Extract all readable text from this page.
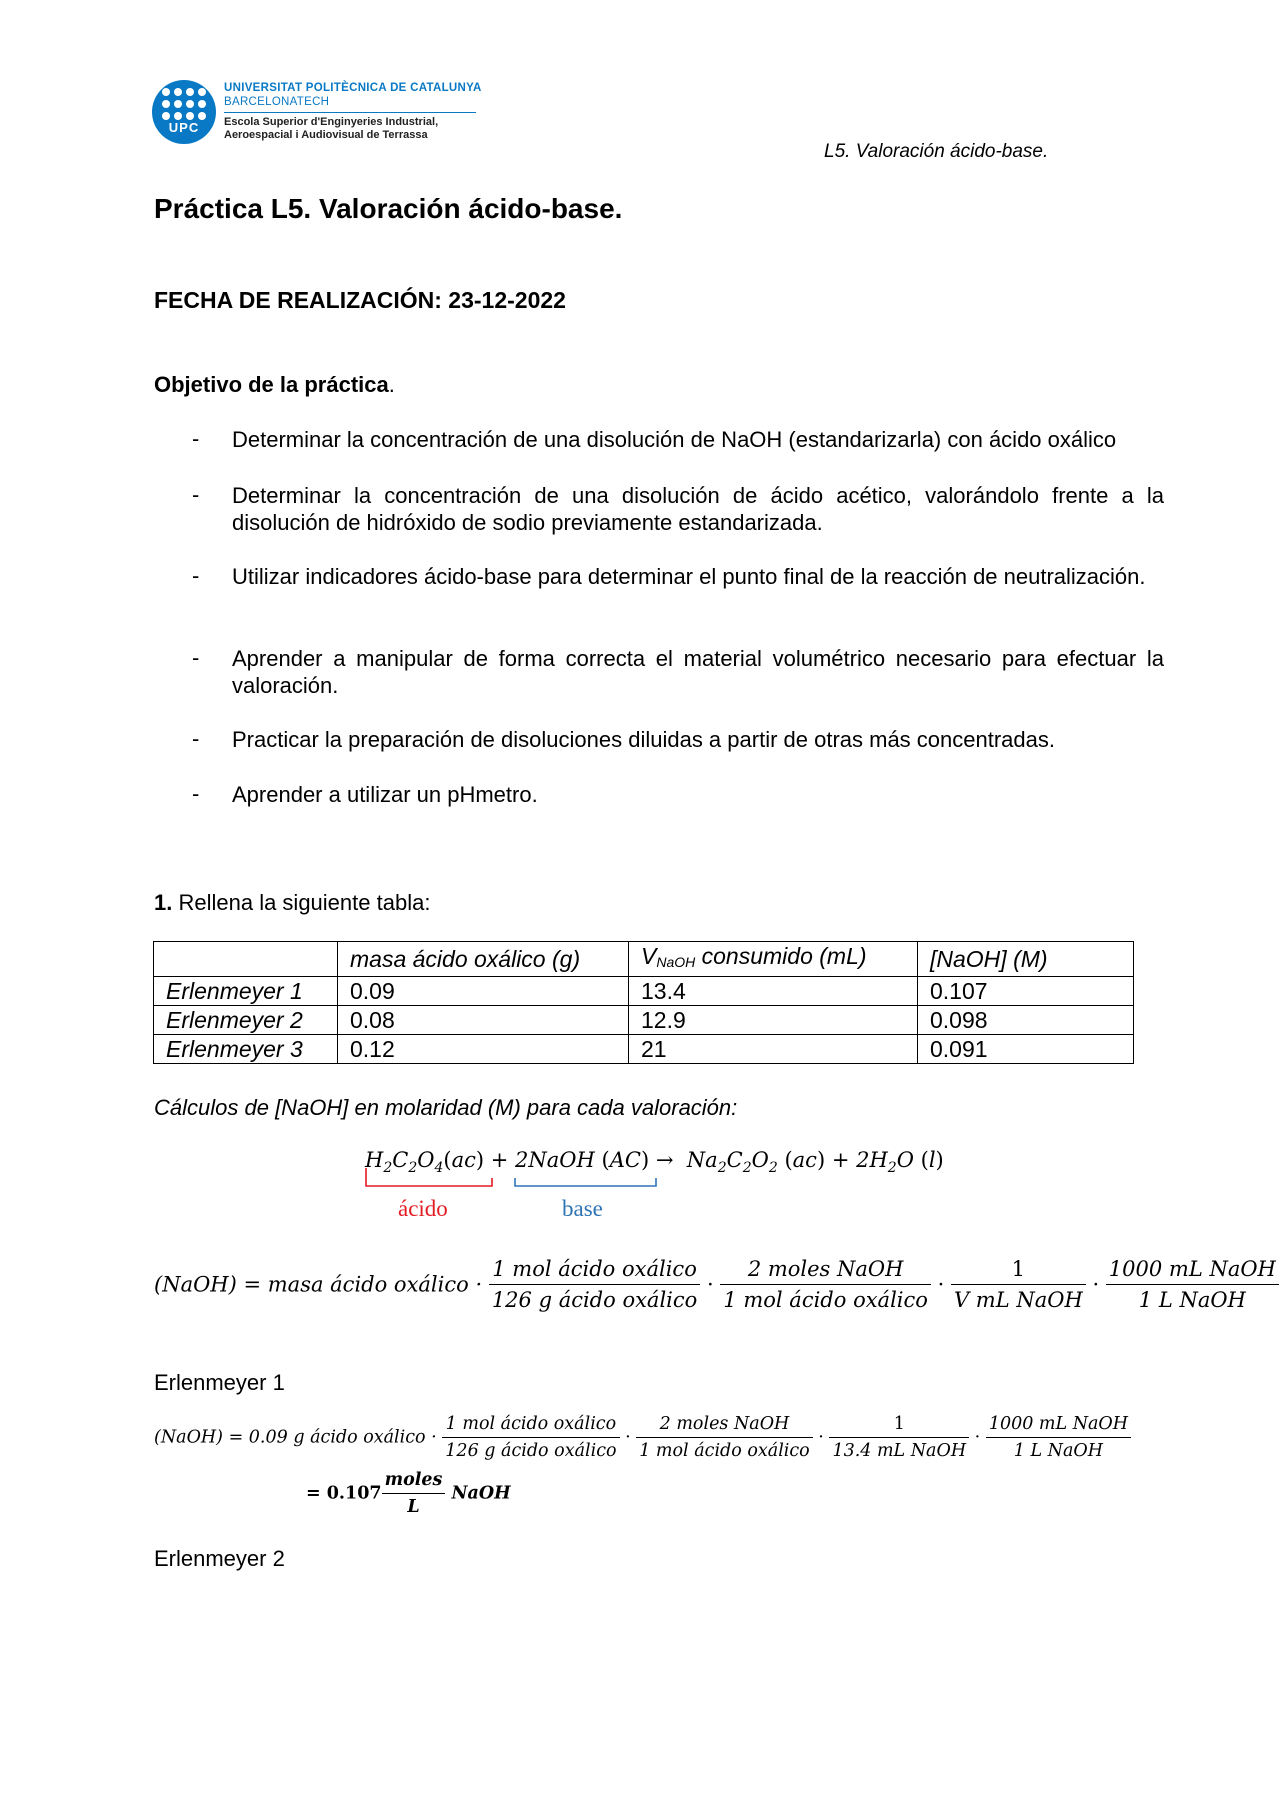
UPC
UNIVERSITAT POLITÈCNICA DE CATALUNYA
BARCELONATECH
Escola Superior d'Enginyeries Industrial,
Aeroespacial i Audiovisual de Terrassa
L5. Valoración ácido-base.
Práctica L5. Valoración ácido-base.
FECHA DE REALIZACIÓN: 23-12-2022
Objetivo de la práctica.
- Determinar la concentración de una disolución de NaOH (estandarizarla) con ácido oxálico
- Determinar la concentración de una disolución de ácido acético, valorándolo frente a la disolución de hidróxido de sodio previamente estandarizada.
- Utilizar indicadores ácido-base para determinar el punto final de la reacción de neutralización.
- Aprender a manipular de forma correcta el material volumétrico necesario para efectuar la valoración.
- Practicar la preparación de disoluciones diluidas a partir de otras más concentradas.
- Aprender a utilizar un pHmetro.
1. Rellena la siguiente tabla:
	masa ácido oxálico (g)	$V_{NaOH}$ consumido (mL)	[NaOH] (M)
Erlenmeyer 1	0.09	13.4	0.107
Erlenmeyer 2	0.08	12.9	0.098
Erlenmeyer 3	0.12	21	0.091
Cálculos de [NaOH] en molaridad (M) para cada valoración:
$H_2C_2O_4(ac)$ + 2NaOH $(AC) \to Na_2C_2O_2$ $(ac) + 2H_2O$ (l)
ácido	base
(NaOH) = masa ácido oxálico · $\frac{\text{1 mol ácido oxálico}}{\text{126 g ácido oxálico}} \cdot \frac{\text{2 moles NaOH}}{\text{1 mol ácido oxálico}} \cdot \frac{1}{\text{V mL NaOH}} \cdot \frac{\text{1000 mL NaOH}}{\text{1 L NaOH}}$
Erlenmeyer 1
(NaOH) = 0.09 g ácido oxálico · $\frac{\text{1 mol ácido oxálico}}{\text{126 g ácido oxálico}} \cdot \frac{\text{2 moles NaOH}}{\text{1 mol ácido oxálico}} \cdot \frac{1}{\text{13.4 mL NaOH}} \cdot \frac{\text{1000 mL NaOH}}{\text{1 L NaOH}}$
= $0.107 \frac{\text{moles}}{L}$ NaOH
Erlenmeyer 2
